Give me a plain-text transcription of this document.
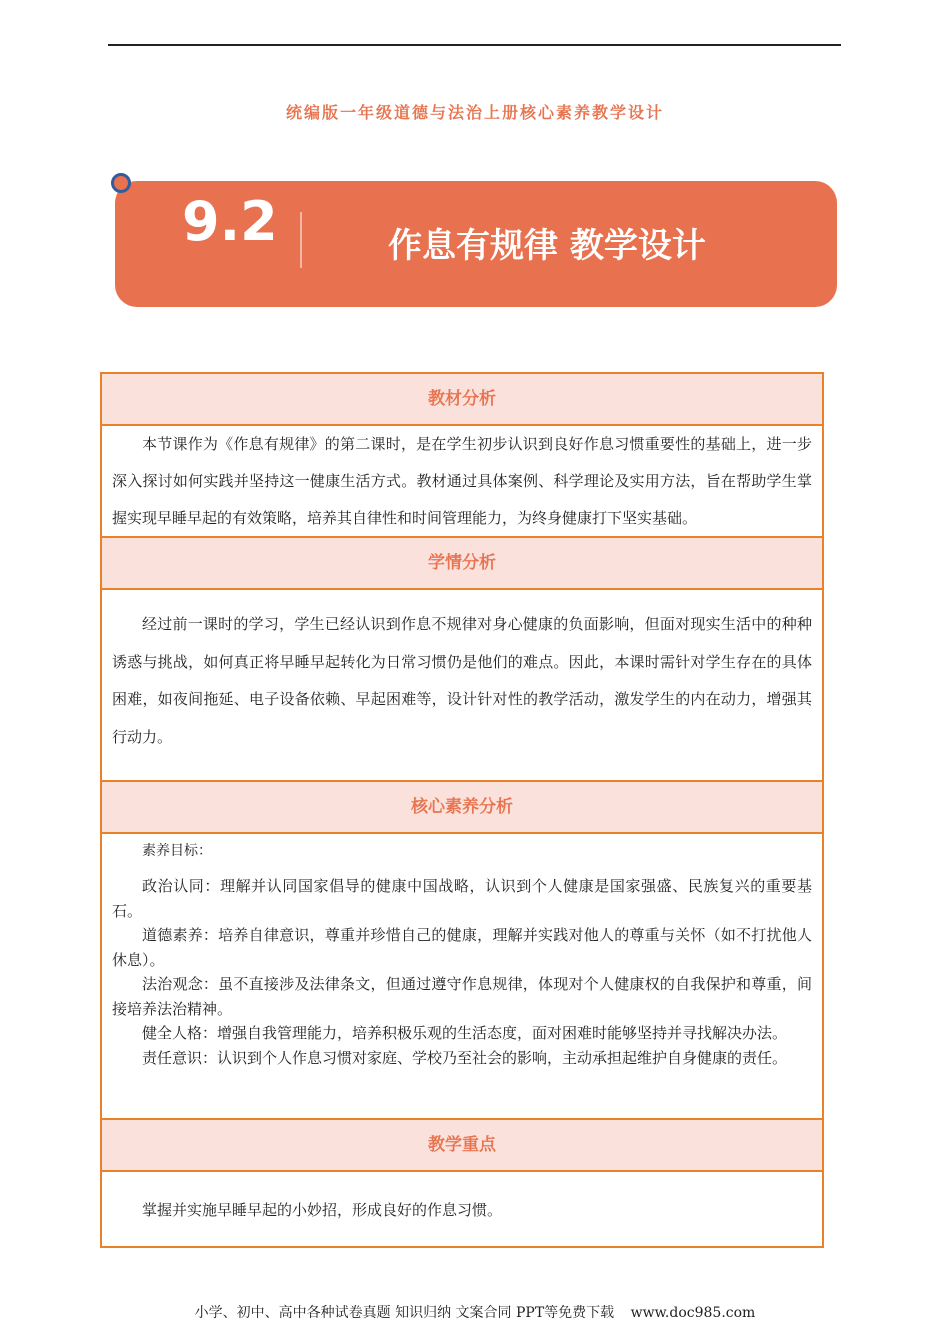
统编版一年级道德与法治上册核心素养教学设计
9.2	作息有规律 教学设计
教材分析

本节课作为《作息有规律》的第二课时，是在学生初步认识到良好作息习惯重要性的基础上，进一步深入探讨如何实践并坚持这一健康生活方式。教材通过具体案例、科学理论及实用方法，旨在帮助学生掌握实现早睡早起的有效策略，培养其自律性和时间管理能力，为终身健康打下坚实基础。

学情分析

经过前一课时的学习，学生已经认识到作息不规律对身心健康的负面影响，但面对现实生活中的种种诱惑与挑战，如何真正将早睡早起转化为日常习惯仍是他们的难点。因此，本课时需针对学生存在的具体困难，如夜间拖延、电子设备依赖、早起困难等，设计针对性的教学活动，激发学生的内在动力，增强其行动力。

核心素养分析

素养目标：

政治认同：理解并认同国家倡导的健康中国战略，认识到个人健康是国家强盛、民族复兴的重要基石。

道德素养：培养自律意识，尊重并珍惜自己的健康，理解并实践对他人的尊重与关怀（如不打扰他人休息）。

法治观念：虽不直接涉及法律条文，但通过遵守作息规律，体现对个人健康权的自我保护和尊重，间接培养法治精神。

健全人格：增强自我管理能力，培养积极乐观的生活态度，面对困难时能够坚持并寻找解决办法。

责任意识：认识到个人作息习惯对家庭、学校乃至社会的影响，主动承担起维护自身健康的责任。

教学重点

掌握并实施早睡早起的小妙招，形成良好的作息习惯。

小学、初中、高中各种试卷真题 知识归纳 文案合同 PPT等免费下载 www.doc985.com
